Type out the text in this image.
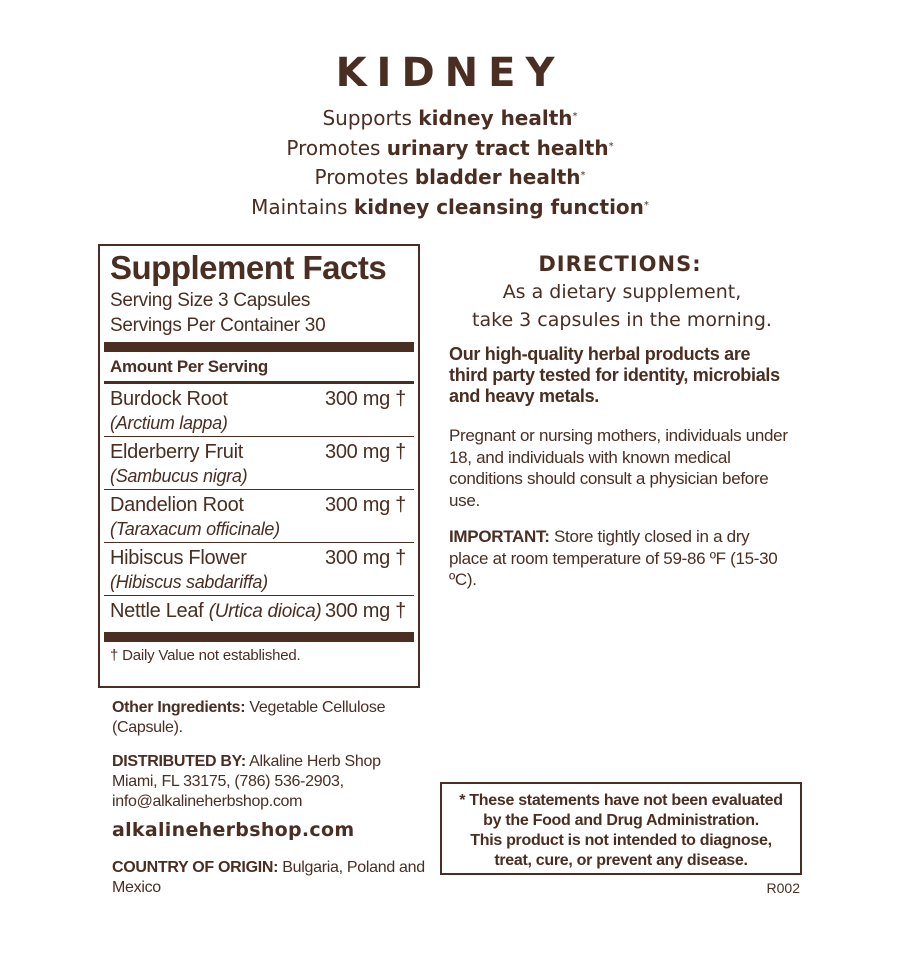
KIDNEY
Supports kidney health*
Promotes urinary tract health*
Promotes bladder health*
Maintains kidney cleansing function*
Supplement Facts
Serving Size 3 Capsules
Servings Per Container 30
Amount Per Serving
Burdock Root
(Arctium lappa)
300 mg †
Elderberry Fruit
(Sambucus nigra)
300 mg †
Dandelion Root
(Taraxacum officinale)
300 mg †
Hibiscus Flower
(Hibiscus sabdariffa)
300 mg †
Nettle Leaf (Urtica dioica) 300 mg †
† Daily Value not established.

Other Ingredients: Vegetable Cellulose (Capsule).

DISTRIBUTED BY: Alkaline Herb Shop
Miami, FL 33175, (786) 536-2903,
info@alkalineherbshop.com

alkalineherbshop.com

COUNTRY OF ORIGIN: Bulgaria, Poland and Mexico

DIRECTIONS:
As a dietary supplement,
take 3 capsules in the morning.

Our high-quality herbal products are third party tested for identity, microbials and heavy metals.

Pregnant or nursing mothers, individuals under 18, and individuals with known medical conditions should consult a physician before use.

IMPORTANT: Store tightly closed in a dry place at room temperature of 59-86 ºF (15-30 ºC).

* These statements have not been evaluated
by the Food and Drug Administration.
This product is not intended to diagnose,
treat, cure, or prevent any disease.
R002
